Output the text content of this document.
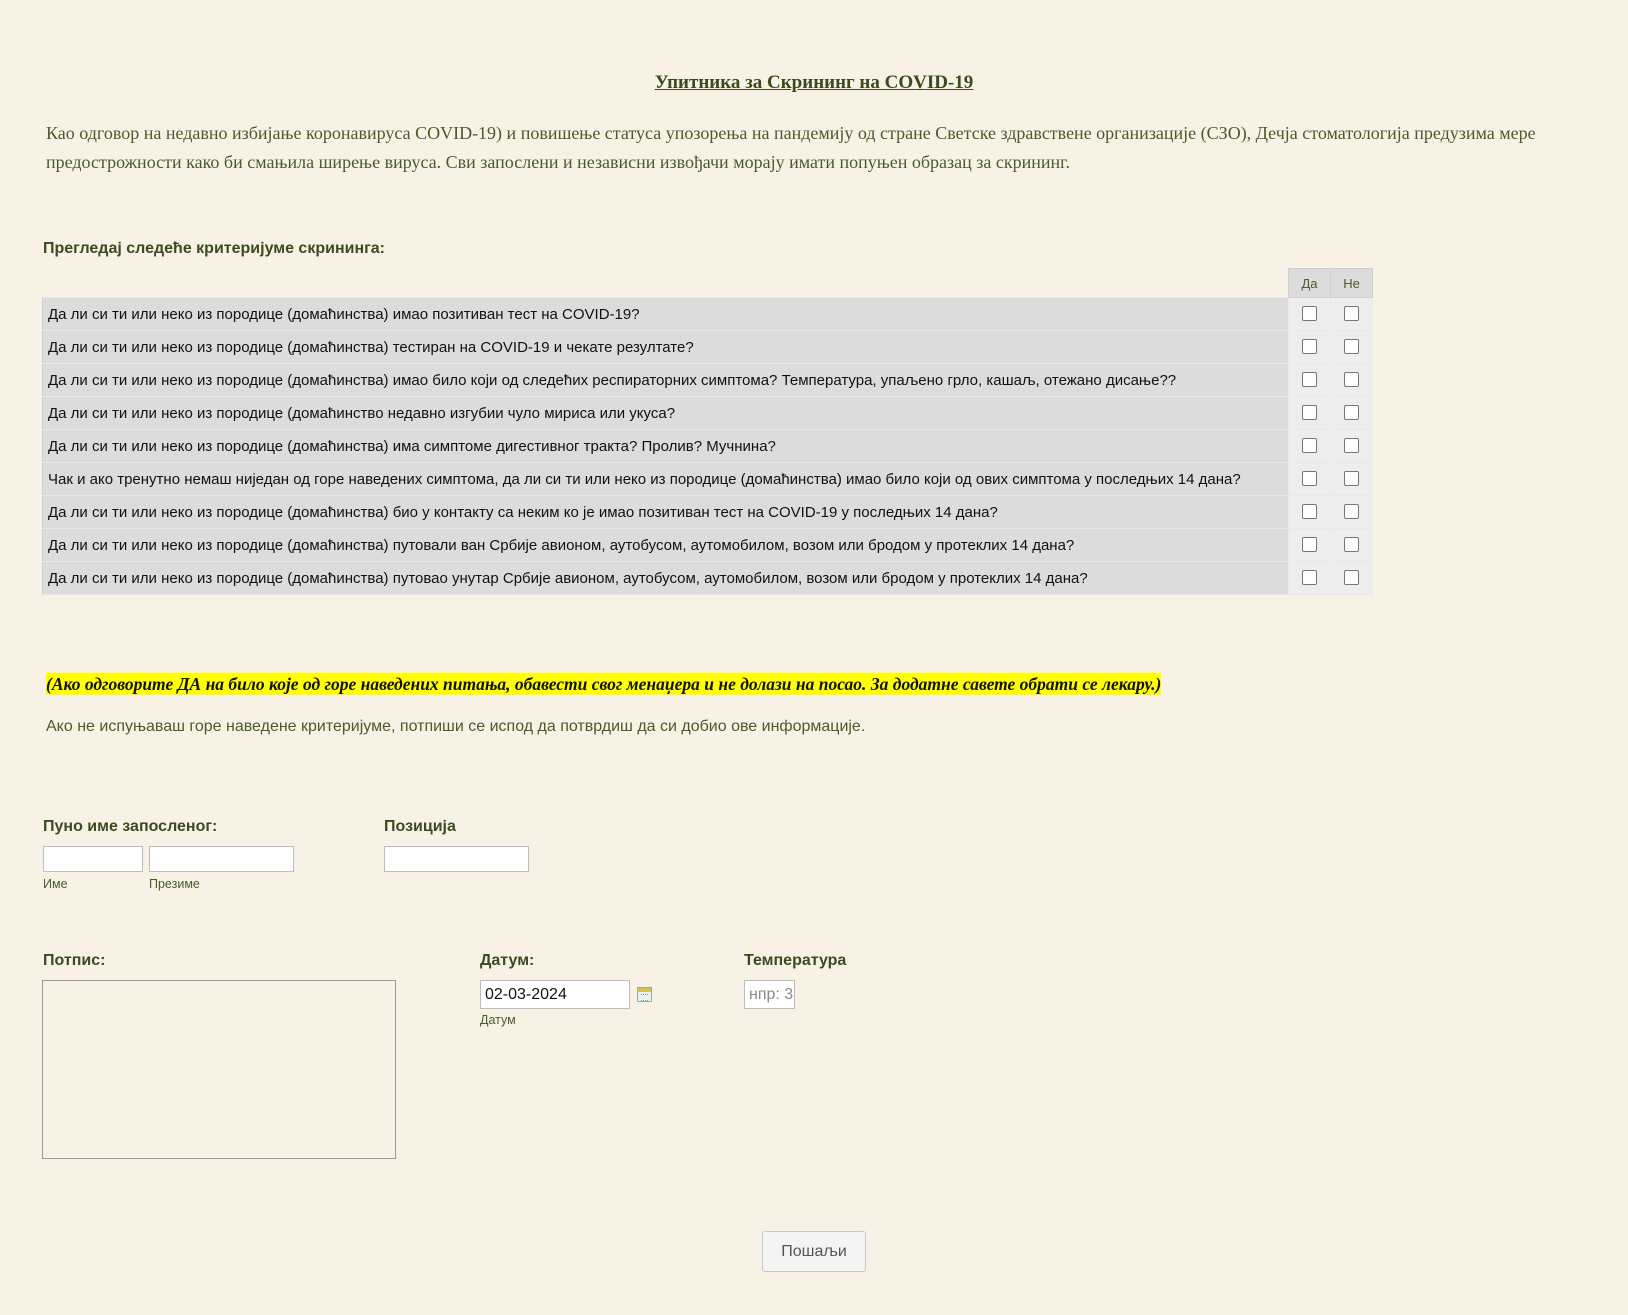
Упитника за Скрининг на COVID-19
Као одговор на недавно избијање коронавируса COVID-19) и повишење статуса упозорења на пандемију од стране Светске здравствене организације (СЗО), Дечја стоматологија предузима мере предострожности како би смањила ширење вируса. Сви запослени и независни извођачи морају имати попуњен образац за скрининг.
Прегледај следеће критеријуме скрининга:
	Да	Не
Да ли си ти или неко из породице (домаћинства) имао позитиван тест на COVID-19?		
Да ли си ти или неко из породице (домаћинства) тестиран на COVID-19 и чекате резултате?		
Да ли си ти или неко из породице (домаћинства) имао било који од следећих респираторних симптома? Температура, упаљено грло, кашаљ, отежано дисање??		
Да ли си ти или неко из породице (домаћинство недавно изгубии чуло мириса или укуса?		
Да ли си ти или неко из породице (домаћинства) има симптоме дигестивног тракта? Пролив? Мучнина?		
Чак и ако тренутно немаш ниједан од горе наведених симптома, да ли си ти или неко из породице (домаћинства) имао било који од ових симптома у последњих 14 дана?		
Да ли си ти или неко из породице (домаћинства) био у контакту са неким ко је имао позитиван тест на COVID-19 у последњих 14 дана?		
Да ли си ти или неко из породице (домаћинства) путовали ван Србије авионом, аутобусом, аутомобилом, возом или бродом у протеклих 14 дана?		
Да ли си ти или неко из породице (домаћинства) путовао унутар Србије авионом, аутобусом, аутомобилом, возом или бродом у протеклих 14 дана?		
(Ако одговорите ДА на било које од горе наведених питања, обавести свог менаџера и не долази на посао. За додатне савете обрати се лекару.)
Ако не испуњаваш горе наведене критеријуме, потпиши се испод да потврдиш да си добио ове информације.
Пуно име запосленог:
Име	Презиме
Позиција
Потпис:	Датум:
02-03-2024
Датум
Температура
нпр: 3
Пошаљи
